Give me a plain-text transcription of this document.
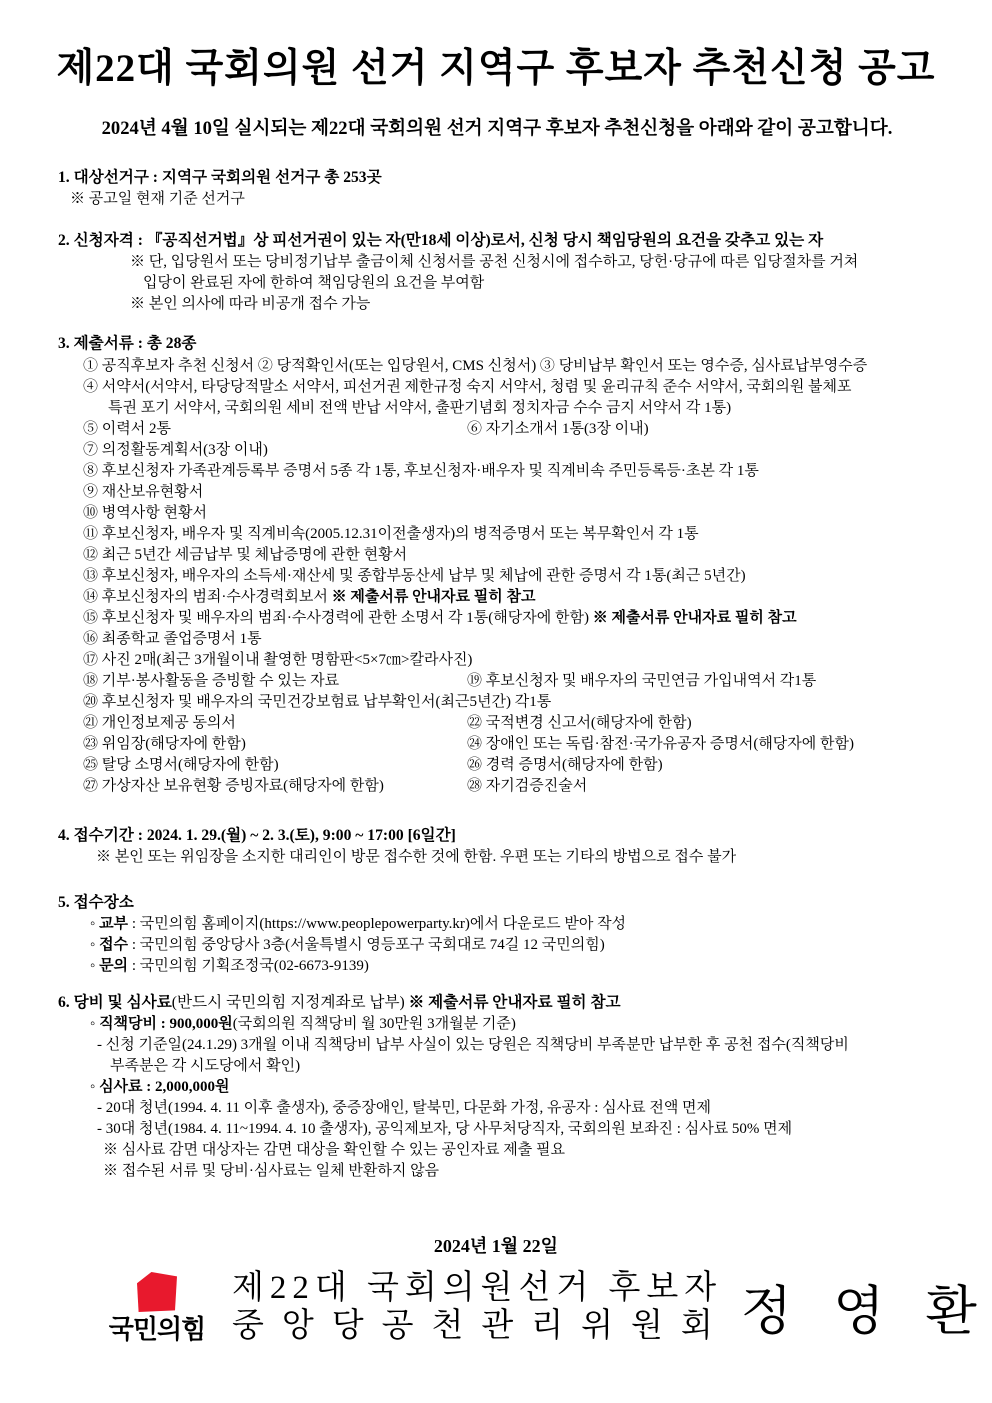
제22대 국회의원 선거 지역구 후보자 추천신청 공고

2024년 4월 10일 실시되는 제22대 국회의원 선거 지역구 후보자 추천신청을 아래와 같이 공고합니다.

1. 대상선거구 : 지역구 국회의원 선거구 총 253곳
※ 공고일 현재 기준 선거구
2. 신청자격 : 『공직선거법』상 피선거권이 있는 자(만18세 이상)로서, 신청 당시 책임당원의 요건을 갖추고 있는 자
※ 단, 입당원서 또는 당비정기납부 출금이체 신청서를 공천 신청시에 접수하고, 당헌·당규에 따른 입당절차를 거쳐
입당이 완료된 자에 한하여 책임당원의 요건을 부여함
※ 본인 의사에 따라 비공개 접수 가능
3. 제출서류 : 총 28종
① 공직후보자 추천 신청서 ② 당적확인서(또는 입당원서, CMS 신청서) ③ 당비납부 확인서 또는 영수증, 심사료납부영수증
④ 서약서(서약서, 타당당적말소 서약서, 피선거권 제한규정 숙지 서약서, 청렴 및 윤리규칙 준수 서약서, 국회의원 불체포
특권 포기 서약서, 국회의원 세비 전액 반납 서약서, 출판기념회 정치자금 수수 금지 서약서 각 1통)
⑤ 이력서 2통	⑥ 자기소개서 1통(3장 이내)
⑦ 의정활동계획서(3장 이내)
⑧ 후보신청자 가족관계등록부 증명서 5종 각 1통, 후보신청자·배우자 및 직계비속 주민등록등·초본 각 1통
⑨ 재산보유현황서
⑩ 병역사항 현황서
⑪ 후보신청자, 배우자 및 직계비속(2005.12.31이전출생자)의 병적증명서 또는 복무확인서 각 1통
⑫ 최근 5년간 세금납부 및 체납증명에 관한 현황서
⑬ 후보신청자, 배우자의 소득세·재산세 및 종합부동산세 납부 및 체납에 관한 증명서 각 1통(최근 5년간)
⑭ 후보신청자의 범죄·수사경력회보서 ※ 제출서류 안내자료 필히 참고
⑮ 후보신청자 및 배우자의 범죄·수사경력에 관한 소명서 각 1통(해당자에 한함) ※ 제출서류 안내자료 필히 참고
⑯ 최종학교 졸업증명서 1통
⑰ 사진 2매(최근 3개월이내 촬영한 명함판<5×7㎝>칼라사진)
⑱ 기부·봉사활동을 증빙할 수 있는 자료	⑲ 후보신청자 및 배우자의 국민연금 가입내역서 각1통
⑳ 후보신청자 및 배우자의 국민건강보험료 납부확인서(최근5년간) 각1통
㉑ 개인정보제공 동의서	㉒ 국적변경 신고서(해당자에 한함)
㉓ 위임장(해당자에 한함)	㉔ 장애인 또는 독립·참전·국가유공자 증명서(해당자에 한함)
㉕ 탈당 소명서(해당자에 한함)	㉖ 경력 증명서(해당자에 한함)
㉗ 가상자산 보유현황 증빙자료(해당자에 한함)	㉘ 자기검증진술서
4. 접수기간 : 2024. 1. 29.(월) ~ 2. 3.(토), 9:00 ~ 17:00 [6일간]
※ 본인 또는 위임장을 소지한 대리인이 방문 접수한 것에 한함. 우편 또는 기타의 방법으로 접수 불가
5. 접수장소
◦ 교부 : 국민의힘 홈페이지(https://www.peoplepowerparty.kr)에서 다운로드 받아 작성
◦ 접수 : 국민의힘 중앙당사 3층(서울특별시 영등포구 국회대로 74길 12 국민의힘)
◦ 문의 : 국민의힘 기획조정국(02-6673-9139)
6. 당비 및 심사료(반드시 국민의힘 지정계좌로 납부) ※ 제출서류 안내자료 필히 참고
◦ 직책당비 : 900,000원(국회의원 직책당비 월 30만원 3개월분 기준)
- 신청 기준일(24.1.29) 3개월 이내 직책당비 납부 사실이 있는 당원은 직책당비 부족분만 납부한 후 공천 접수(직책당비
부족분은 각 시도당에서 확인)
◦ 심사료 : 2,000,000원
- 20대 청년(1994. 4. 11 이후 출생자), 중증장애인, 탈북민, 다문화 가정, 유공자 : 심사료 전액 면제
- 30대 청년(1984. 4. 11~1994. 4. 10 출생자), 공익제보자, 당 사무처당직자, 국회의원 보좌진 : 심사료 50% 면제
※ 심사료 감면 대상자는 감면 대상을 확인할 수 있는 공인자료 제출 필요
※ 접수된 서류 및 당비·심사료는 일체 반환하지 않음
2024년 1월 22일
국민의힘
제22대 국회의원선거 후보자
중앙당공천관리위원회 정 영 환
